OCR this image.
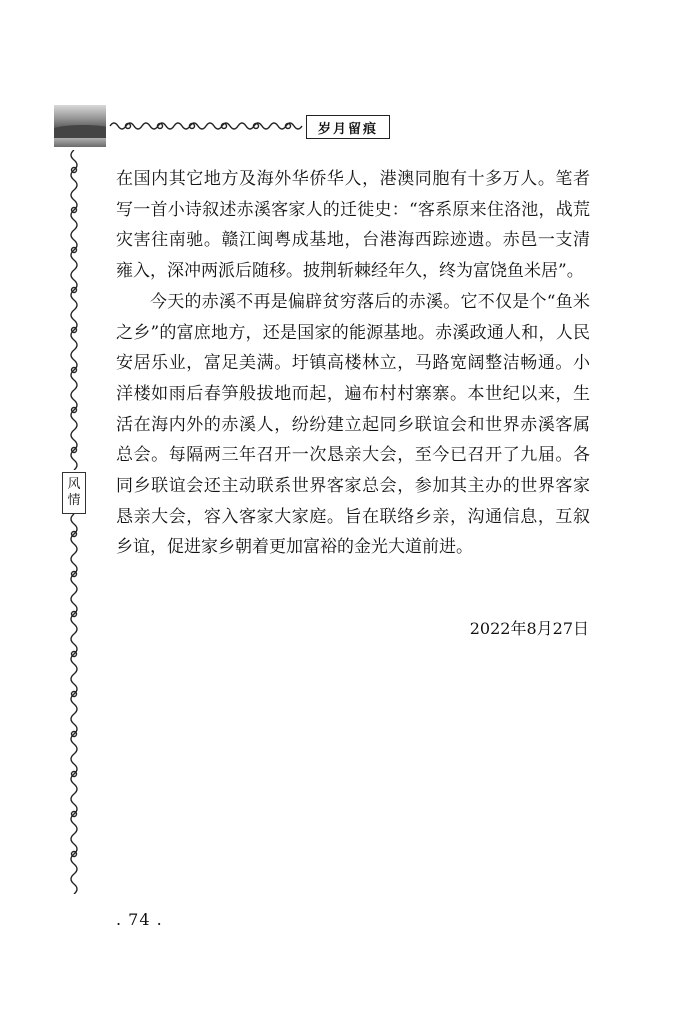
岁月留痕
风
情

在国内其它地方及海外华侨华人，港澳同胞有十多万人。笔者写一首小诗叙述赤溪客家人的迁徙史：“客系原来住洛池，战荒灾害往南驰。赣江闽粤成基地，台港海西踪迹遗。赤邑一支清雍入，深冲两派后随移。披荆斩棘经年久，终为富饶鱼米居”。

今天的赤溪不再是偏辟贫穷落后的赤溪。它不仅是个“鱼米之乡”的富庶地方，还是国家的能源基地。赤溪政通人和，人民安居乐业，富足美满。圩镇高楼林立，马路宽阔整洁畅通。小洋楼如雨后春笋般拔地而起，遍布村村寨寨。本世纪以来，生活在海内外的赤溪人，纷纷建立起同乡联谊会和世界赤溪客属总会。每隔两三年召开一次恳亲大会，至今已召开了九届。各同乡联谊会还主动联系世界客家总会，参加其主办的世界客家恳亲大会，容入客家大家庭。旨在联络乡亲，沟通信息，互叙乡谊，促进家乡朝着更加富裕的金光大道前进。

2022年8月27日
. 74 .
